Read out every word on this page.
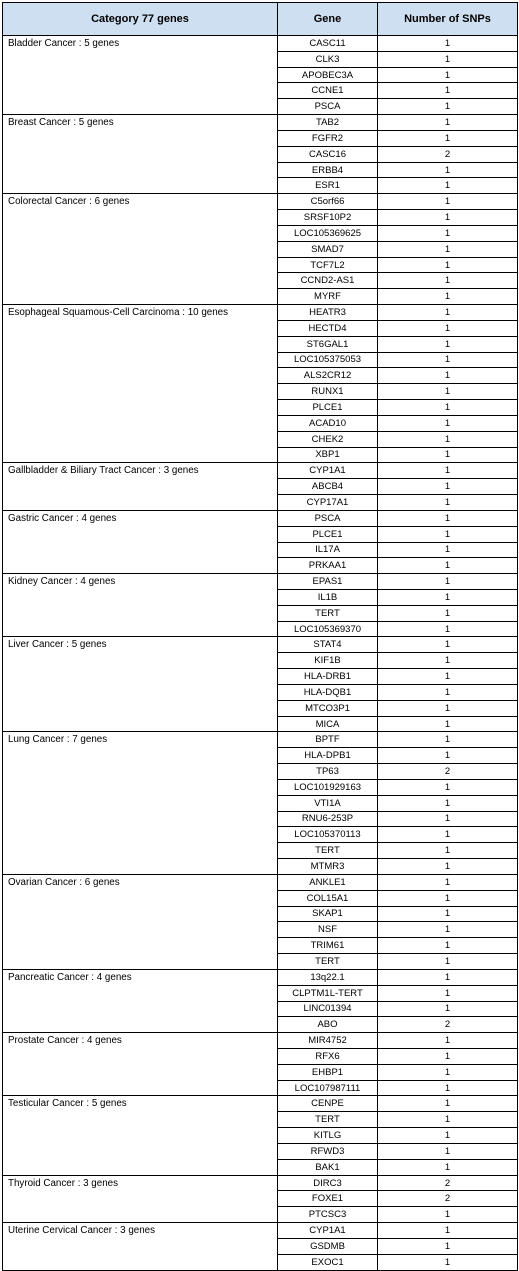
Category 77 genes	Gene	Number of SNPs
Bladder Cancer : 5 genes	CASC11	1
	CLK3	1
	APOBEC3A	1
	CCNE1	1
	PSCA	1
Breast Cancer : 5 genes	TAB2	1
	FGFR2	1
	CASC16	2
	ERBB4	1
	ESR1	1
Colorectal Cancer : 6 genes	C5orf66	1
	SRSF10P2	1
	LOC105369625	1
	SMAD7	1
	TCF7L2	1
	CCND2-AS1	1
	MYRF	1
Esophageal Squamous-Cell Carcinoma : 10 genes	HEATR3	1
	HECTD4	1
	ST6GAL1	1
	LOC105375053	1
	ALS2CR12	1
	RUNX1	1
	PLCE1	1
	ACAD10	1
	CHEK2	1
	XBP1	1
Gallbladder & Biliary Tract Cancer : 3 genes	CYP1A1	1
	ABCB4	1
	CYP17A1	1
Gastric Cancer : 4 genes	PSCA	1
	PLCE1	1
	IL17A	1
	PRKAA1	1
Kidney Cancer : 4 genes	EPAS1	1
	IL1B	1
	TERT	1
	LOC105369370	1
Liver Cancer : 5 genes	STAT4	1
	KIF1B	1
	HLA-DRB1	1
	HLA-DQB1	1
	MTCO3P1	1
	MICA	1
Lung Cancer : 7 genes	BPTF	1
	HLA-DPB1	1
	TP63	2
	LOC101929163	1
	VTI1A	1
	RNU6-253P	1
	LOC105370113	1
	TERT	1
	MTMR3	1
Ovarian Cancer : 6 genes	ANKLE1	1
	COL15A1	1
	SKAP1	1
	NSF	1
	TRIM61	1
	TERT	1
Pancreatic Cancer : 4 genes	13q22.1	1
	CLPTM1L-TERT	1
	LINC01394	1
	ABO	2
Prostate Cancer : 4 genes	MIR4752	1
	RFX6	1
	EHBP1	1
	LOC107987111	1
Testicular Cancer : 5 genes	CENPE	1
	TERT	1
	KITLG	1
	RFWD3	1
	BAK1	1
Thyroid Cancer : 3 genes	DIRC3	2
	FOXE1	2
	PTCSC3	1
Uterine Cervical Cancer : 3 genes	CYP1A1	1
	GSDMB	1
	EXOC1	1
